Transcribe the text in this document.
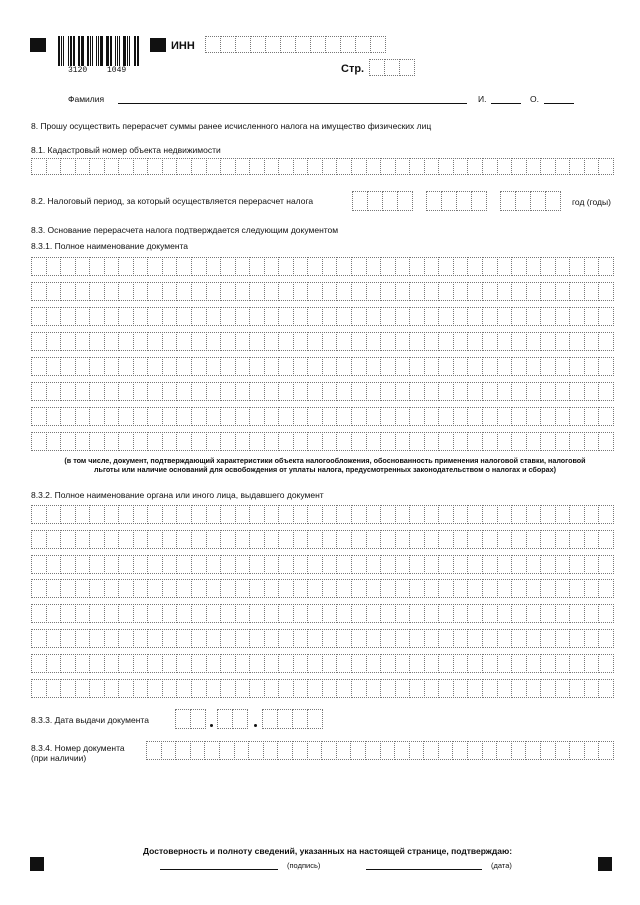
3120 1049
ИНН
Стр.
Фамилия	И.	О.
8. Прошу осуществить перерасчет суммы ранее исчисленного налога на имущество физических лиц
8.1. Кадастровый номер объекта недвижимости
8.2. Налоговый период, за который осуществляется перерасчет налога	год (годы)
8.3. Основание перерасчета налога подтверждается следующим документом
8.3.1. Полное наименование документа
(в том числе, документ, подтверждающий характеристики объекта налогообложения, обоснованность применения налоговой ставки, налоговой
льготы или наличие оснований для освобождения от уплаты налога, предусмотренных законодательством о налогах и сборах)
8.3.2. Полное наименование органа или иного лица, выдавшего документ
8.3.3. Дата выдачи документа
8.3.4. Номер документа
(при наличии)
Достоверность и полноту сведений, указанных на настоящей странице, подтверждаю:
(подпись)	(дата)
